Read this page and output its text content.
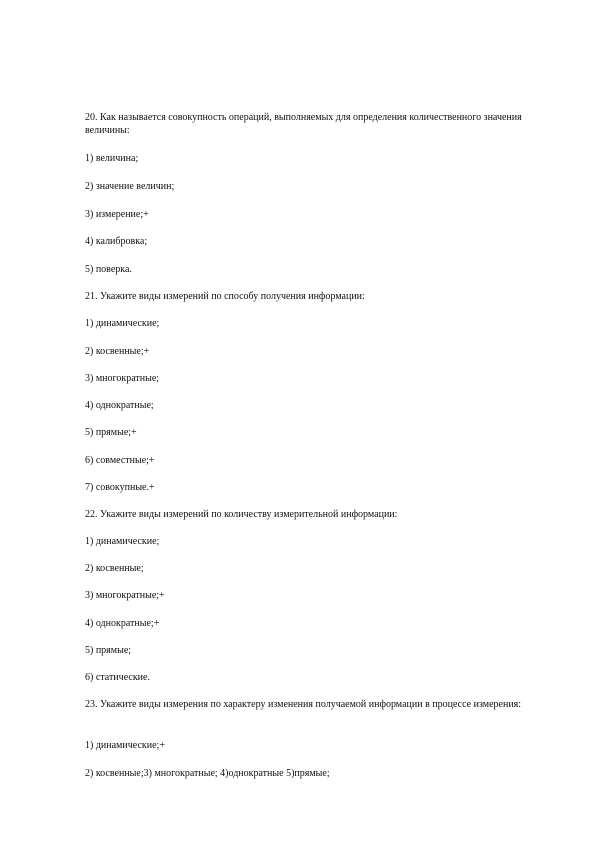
20. Как называется совокупность операций, выполняемых для определения количественного значения величины:

1) величина;

2) значение величин;

3) измерение;+

4) калибровка;

5) поверка.

21. Укажите виды измерений по способу получения информации:

1) динамические;

2) косвенные;+

3) многократные;

4) однократные;

5) прямые;+

6) совместные;+

7) совокупные.+

22. Укажите виды измерений по количеству измерительной информации:

1) динамические;

2) косвенные;

3) многократные;+

4) однократные;+

5) прямые;

6) статические.

23. Укажите виды измерения по характеру изменения получаемой информации в процессе измерения:

1) динамические;+

2) косвенные;3) многократные; 4)однократные 5)прямые;
